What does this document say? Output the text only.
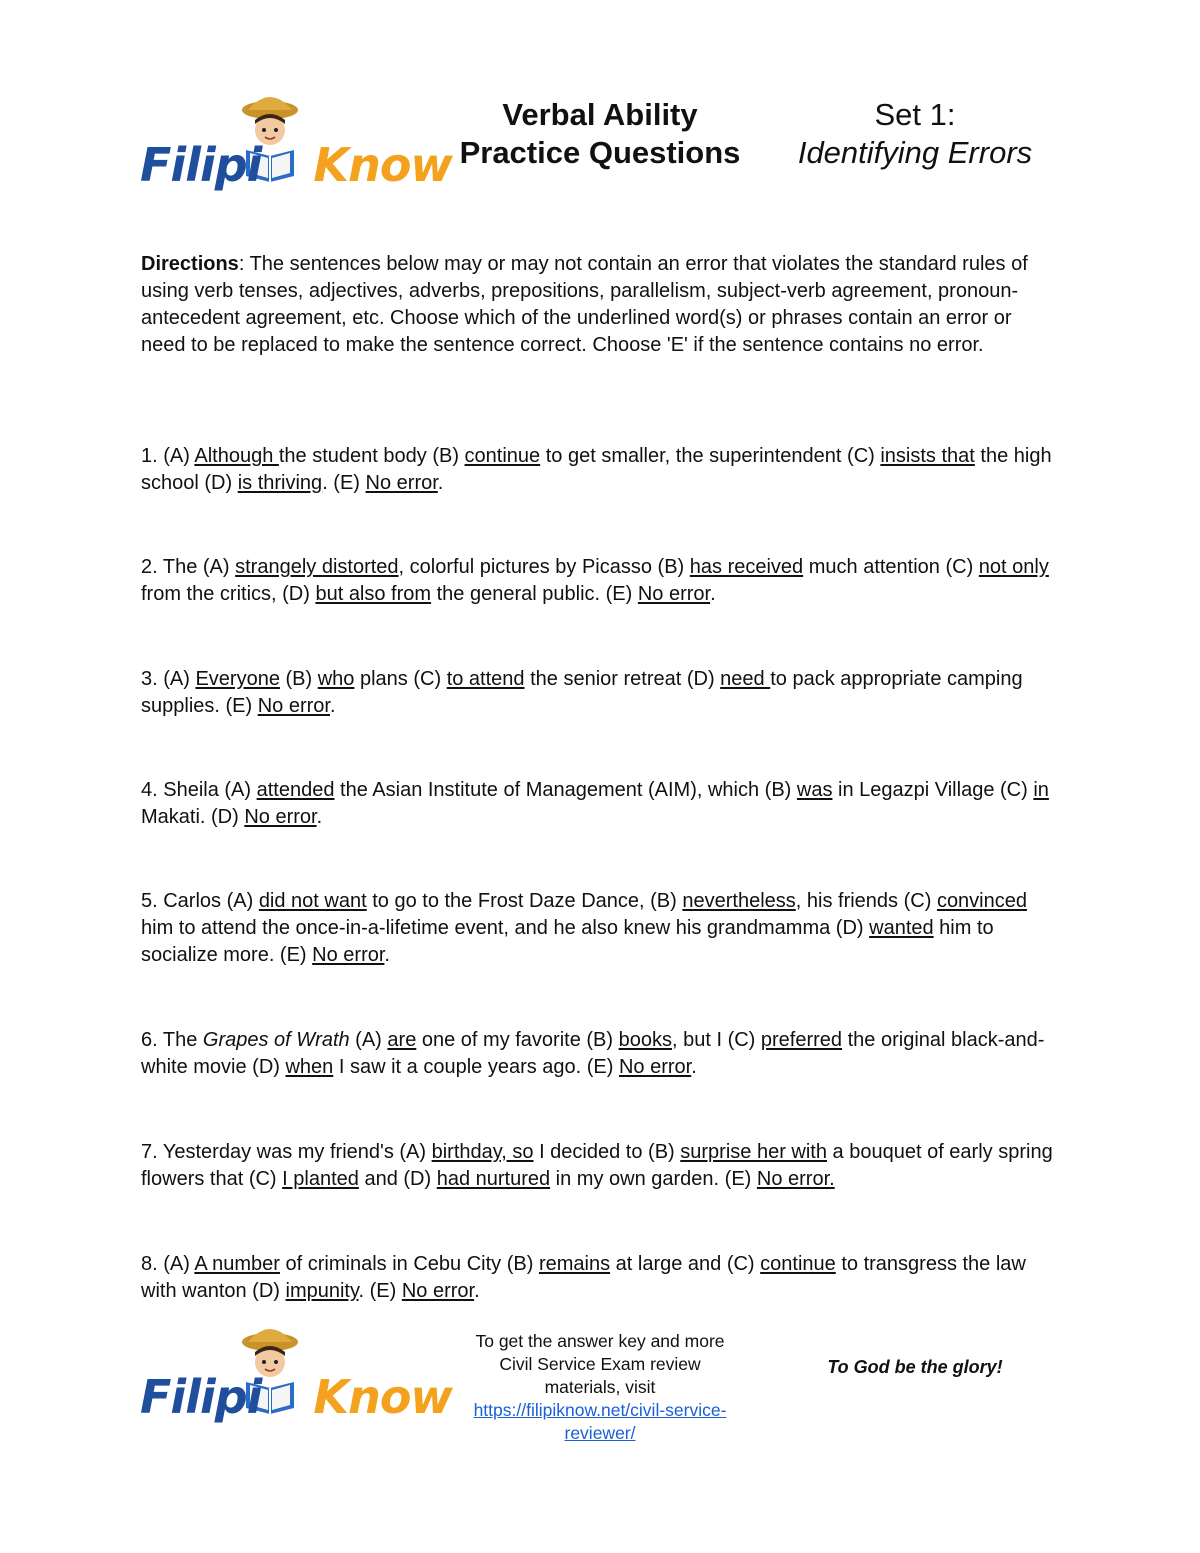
Filipi Know
Verbal Ability
Practice Questions
Set 1:
Identifying Errors
Directions: The sentences below may or may not contain an error that violates the standard rules of using verb tenses, adjectives, adverbs, prepositions, parallelism, subject-verb agreement, pronoun-antecedent agreement, etc. Choose which of the underlined word(s) or phrases contain an error or need to be replaced to make the sentence correct. Choose 'E' if the sentence contains no error.
1. (A) Although the student body (B) continue to get smaller, the superintendent (C) insists that the high school (D) is thriving. (E) No error.
2. The (A) strangely distorted, colorful pictures by Picasso (B) has received much attention (C) not only from the critics, (D) but also from the general public. (E) No error.
3. (A) Everyone (B) who plans (C) to attend the senior retreat (D) need to pack appropriate camping supplies. (E) No error.
4. Sheila (A) attended the Asian Institute of Management (AIM), which (B) was in Legazpi Village (C) in Makati. (D) No error.
5. Carlos (A) did not want to go to the Frost Daze Dance, (B) nevertheless, his friends (C) convinced him to attend the once-in-a-lifetime event, and he also knew his grandmamma (D) wanted him to socialize more. (E) No error.
6. The Grapes of Wrath (A) are one of my favorite (B) books, but I (C) preferred the original black-and-white movie (D) when I saw it a couple years ago. (E) No error.
7. Yesterday was my friend's (A) birthday, so I decided to (B) surprise her with a bouquet of early spring flowers that (C) I planted and (D) had nurtured in my own garden. (E) No error.
8. (A) A number of criminals in Cebu City (B) remains at large and (C) continue to transgress the law with wanton (D) impunity. (E) No error.
Filipi Know
To get the answer key and more
Civil Service Exam review
materials, visit
https://filipiknow.net/civil-service-
reviewer/
To God be the glory!
